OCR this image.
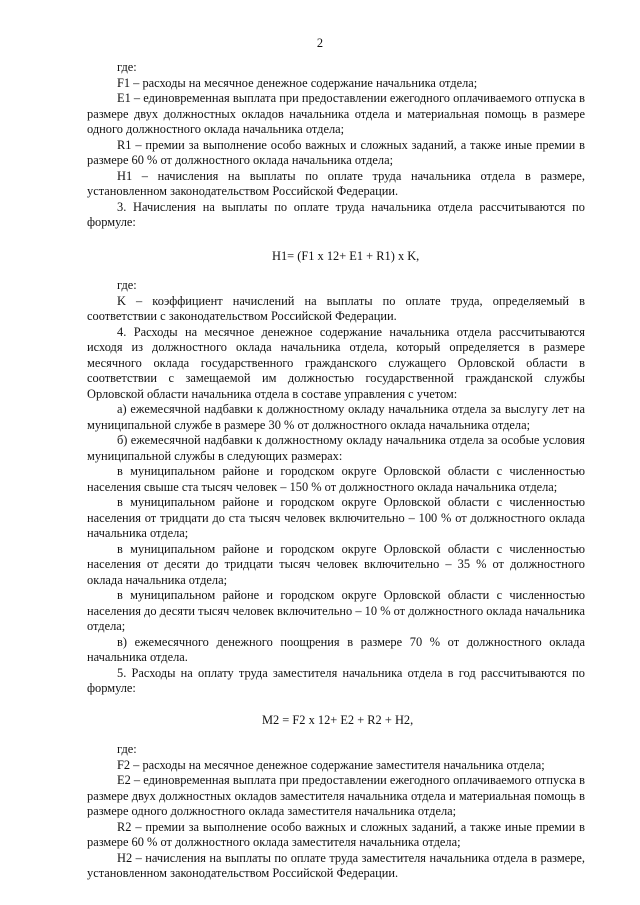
2

где:

F1 – расходы на месячное денежное содержание начальника отдела;

E1 – единовременная выплата при предоставлении ежегодного оплачиваемого отпуска в размере двух должностных окладов начальника отдела и материальная помощь в размере одного должностного оклада начальника отдела;

R1 – премии за выполнение особо важных и сложных заданий, а также иные премии в размере 60 % от должностного оклада начальника отдела;

H1 – начисления на выплаты по оплате труда начальника отдела в размере, установленном законодательством Российской Федерации.

3. Начисления на выплаты по оплате труда начальника отдела рассчитываются по формуле:

H1= (F1 x 12+ E1 + R1) x K,

где:

K – коэффициент начислений на выплаты по оплате труда, определяемый в соответствии с законодательством Российской Федерации.

4. Расходы на месячное денежное содержание начальника отдела рассчитываются исходя из должностного оклада начальника отдела, который определяется в размере месячного оклада государственного гражданского служащего Орловской области в соответствии с замещаемой им должностью государственной гражданской службы Орловской области начальника отдела в составе управления с учетом:

а) ежемесячной надбавки к должностному окладу начальника отдела за выслугу лет на муниципальной службе в размере 30 % от должностного оклада начальника отдела;

б) ежемесячной надбавки к должностному окладу начальника отдела за особые условия муниципальной службы в следующих размерах:

в муниципальном районе и городском округе Орловской области с численностью населения свыше ста тысяч человек – 150 % от должностного оклада начальника отдела;

в муниципальном районе и городском округе Орловской области с численностью населения от тридцати до ста тысяч человек включительно – 100 % от должностного оклада начальника отдела;

в муниципальном районе и городском округе Орловской области с численностью населения от десяти до тридцати тысяч человек включительно – 35 % от должностного оклада начальника отдела;

в муниципальном районе и городском округе Орловской области с численностью населения до десяти тысяч человек включительно – 10 % от должностного оклада начальника отдела;

в) ежемесячного денежного поощрения в размере 70 % от должностного оклада начальника отдела.

5. Расходы на оплату труда заместителя начальника отдела в год рассчитываются по формуле:

M2 = F2 x 12+ E2 + R2 + H2,

где:

F2 – расходы на месячное денежное содержание заместителя начальника отдела;

E2 – единовременная выплата при предоставлении ежегодного оплачиваемого отпуска в размере двух должностных окладов заместителя начальника отдела и материальная помощь в размере одного должностного оклада заместителя начальника отдела;

R2 – премии за выполнение особо важных и сложных заданий, а также иные премии в размере 60 % от должностного оклада заместителя начальника отдела;

H2 – начисления на выплаты по оплате труда заместителя начальника отдела в размере, установленном законодательством Российской Федерации.
